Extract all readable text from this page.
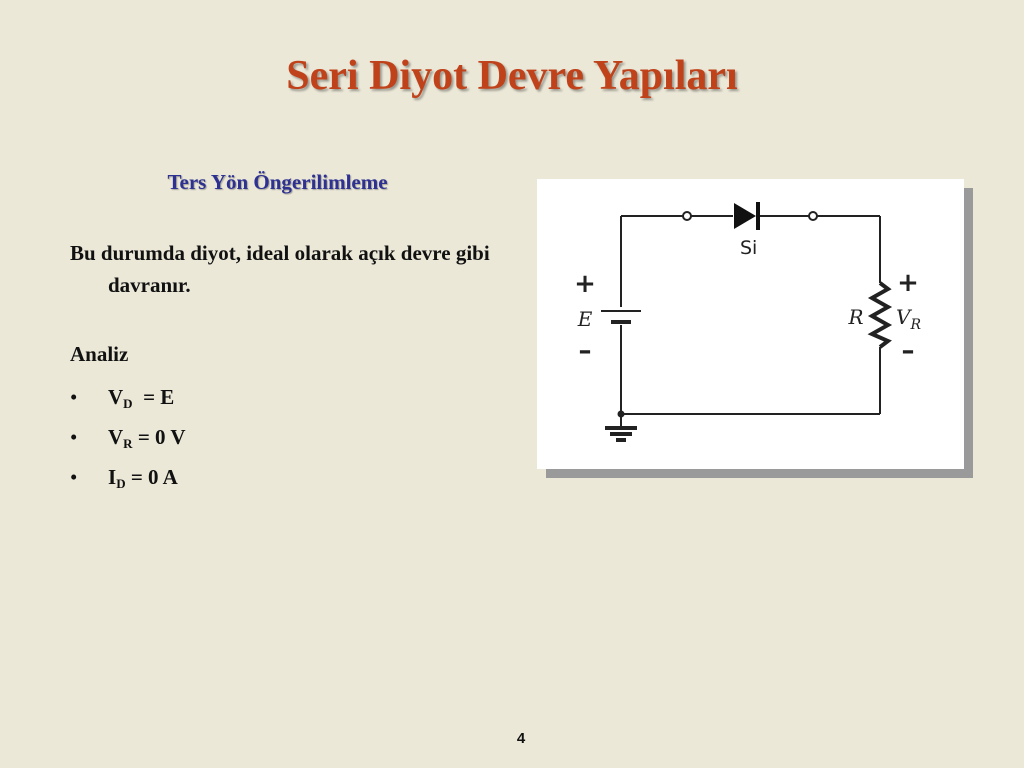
Seri Diyot Devre Yapıları
Ters Yön Öngerilimleme
Bu durumda diyot, ideal olarak açık devre gibi davranır.
Analiz
• $V_D = E$
• $V_R = 0$ V
• $I_D = 0$ A
Si
+
E
–
R
+
$V_R$
–
4
